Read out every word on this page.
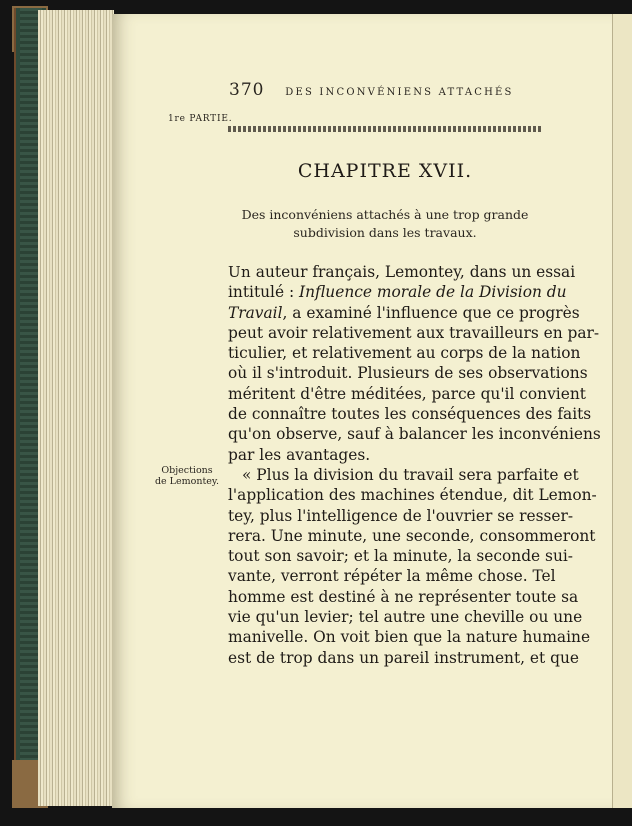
370 DES INCONVÉNIENS ATTACHÉS
1re PARTIE.
CHAPITRE XVII.
Des inconvéniens attachés à une trop grande
subdivision dans les travaux.
Objections
de Lemontey.
Un auteur français, Lemontey, dans un essai
intitulé : Influence morale de la Division du
Travail, a examiné l'influence que ce progrès
peut avoir relativement aux travailleurs en par-
ticulier, et relativement au corps de la nation
où il s'introduit. Plusieurs de ses observations
méritent d'être méditées, parce qu'il convient
de connaître toutes les conséquences des faits
qu'on observe, sauf à balancer les inconvéniens
par les avantages.
« Plus la division du travail sera parfaite et
l'application des machines étendue, dit Lemon-
tey, plus l'intelligence de l'ouvrier se resser-
rera. Une minute, une seconde, consommeront
tout son savoir; et la minute, la seconde sui-
vante, verront répéter la même chose. Tel
homme est destiné à ne représenter toute sa
vie qu'un levier; tel autre une cheville ou une
manivelle. On voit bien que la nature humaine
est de trop dans un pareil instrument, et que
